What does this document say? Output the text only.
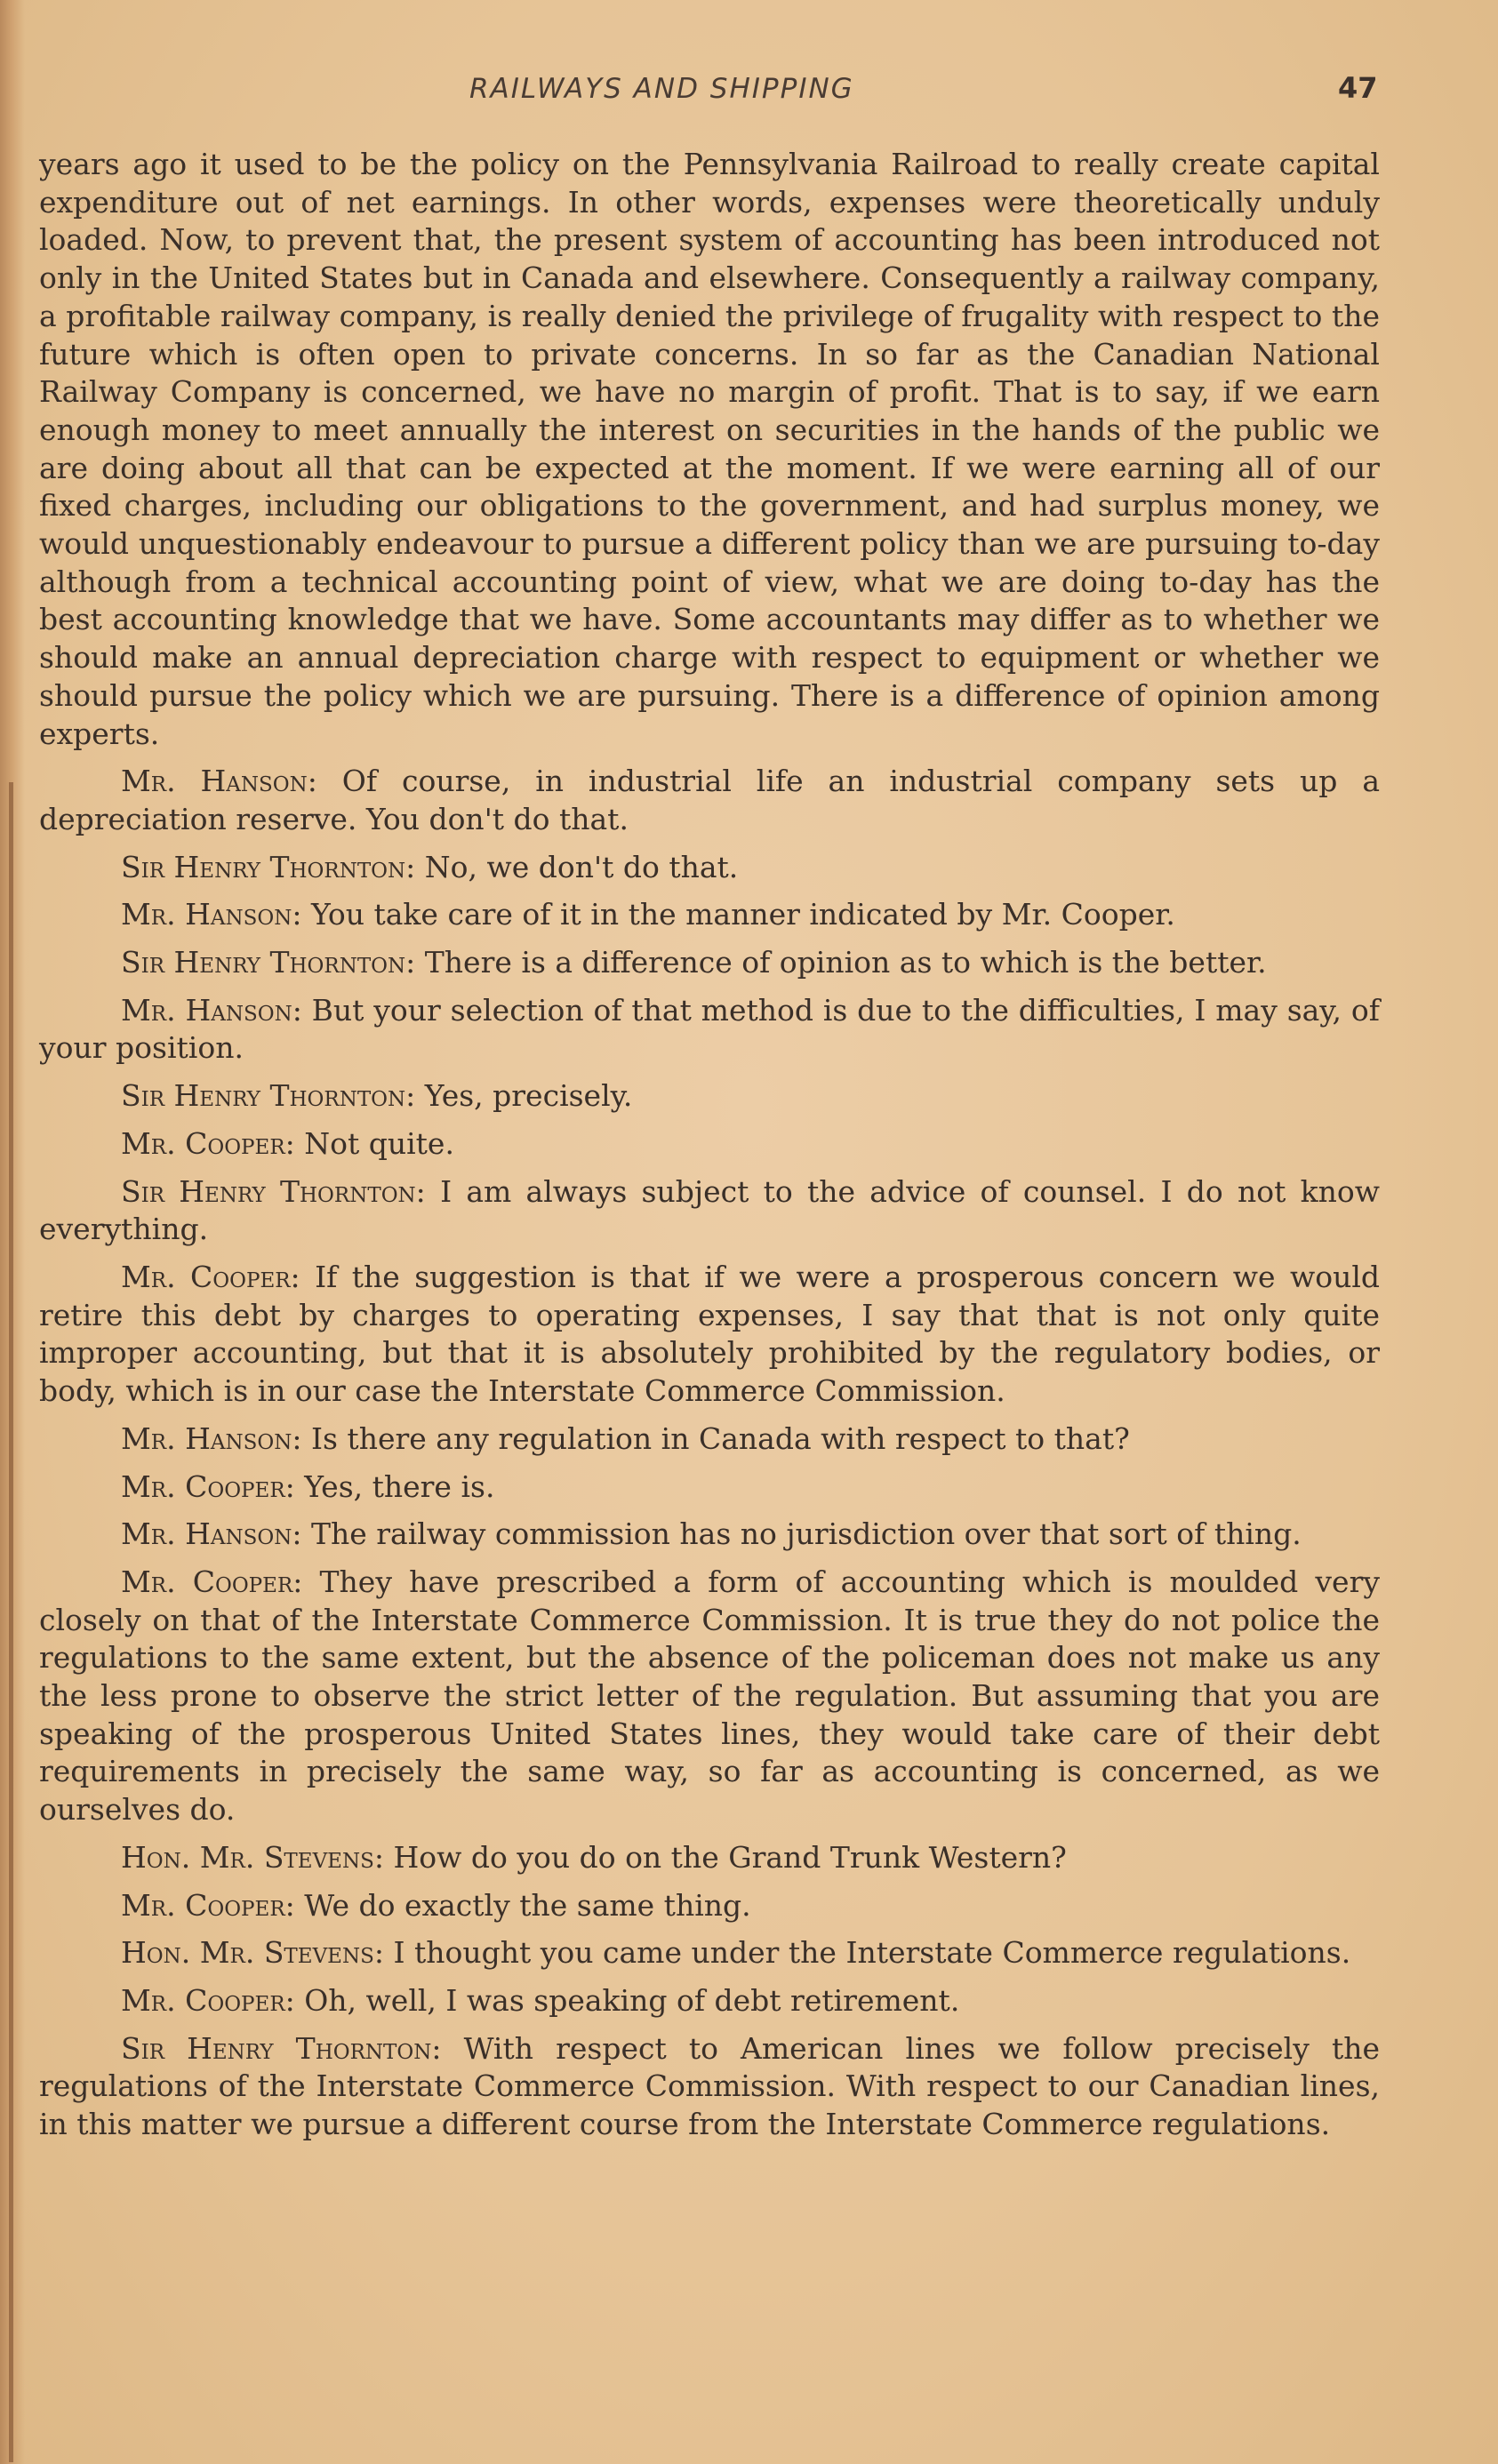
RAILWAYS AND SHIPPING	47

years ago it used to be the policy on the Pennsylvania Railroad to really create capital expenditure out of net earnings. In other words, expenses were theoretically unduly loaded. Now, to prevent that, the present system of accounting has been introduced not only in the United States but in Canada and elsewhere. Consequently a railway company, a profitable railway company, is really denied the privilege of frugality with respect to the future which is often open to private concerns. In so far as the Canadian National Railway Company is concerned, we have no margin of profit. That is to say, if we earn enough money to meet annually the interest on securities in the hands of the public we are doing about all that can be expected at the moment. If we were earning all of our fixed charges, including our obligations to the government, and had surplus money, we would unquestionably endeavour to pursue a different policy than we are pursuing to-day although from a technical accounting point of view, what we are doing to-day has the best accounting knowledge that we have. Some accountants may differ as to whether we should make an annual depreciation charge with respect to equipment or whether we should pursue the policy which we are pursuing. There is a difference of opinion among experts.

Mr. Hanson: Of course, in industrial life an industrial company sets up a depreciation reserve. You don't do that.

Sir Henry Thornton: No, we don't do that.

Mr. Hanson: You take care of it in the manner indicated by Mr. Cooper.

Sir Henry Thornton: There is a difference of opinion as to which is the better.

Mr. Hanson: But your selection of that method is due to the difficulties, I may say, of your position.

Sir Henry Thornton: Yes, precisely.

Mr. Cooper: Not quite.

Sir Henry Thornton: I am always subject to the advice of counsel. I do not know everything.

Mr. Cooper: If the suggestion is that if we were a prosperous concern we would retire this debt by charges to operating expenses, I say that that is not only quite improper accounting, but that it is absolutely prohibited by the regulatory bodies, or body, which is in our case the Interstate Commerce Commission.

Mr. Hanson: Is there any regulation in Canada with respect to that?

Mr. Cooper: Yes, there is.

Mr. Hanson: The railway commission has no jurisdiction over that sort of thing.

Mr. Cooper: They have prescribed a form of accounting which is moulded very closely on that of the Interstate Commerce Commission. It is true they do not police the regulations to the same extent, but the absence of the policeman does not make us any the less prone to observe the strict letter of the regulation. But assuming that you are speaking of the prosperous United States lines, they would take care of their debt requirements in precisely the same way, so far as accounting is concerned, as we ourselves do.

Hon. Mr. Stevens: How do you do on the Grand Trunk Western?

Mr. Cooper: We do exactly the same thing.

Hon. Mr. Stevens: I thought you came under the Interstate Commerce regulations.

Mr. Cooper: Oh, well, I was speaking of debt retirement.

Sir Henry Thornton: With respect to American lines we follow precisely the regulations of the Interstate Commerce Commission. With respect to our Canadian lines, in this matter we pursue a different course from the Interstate Commerce regulations.
